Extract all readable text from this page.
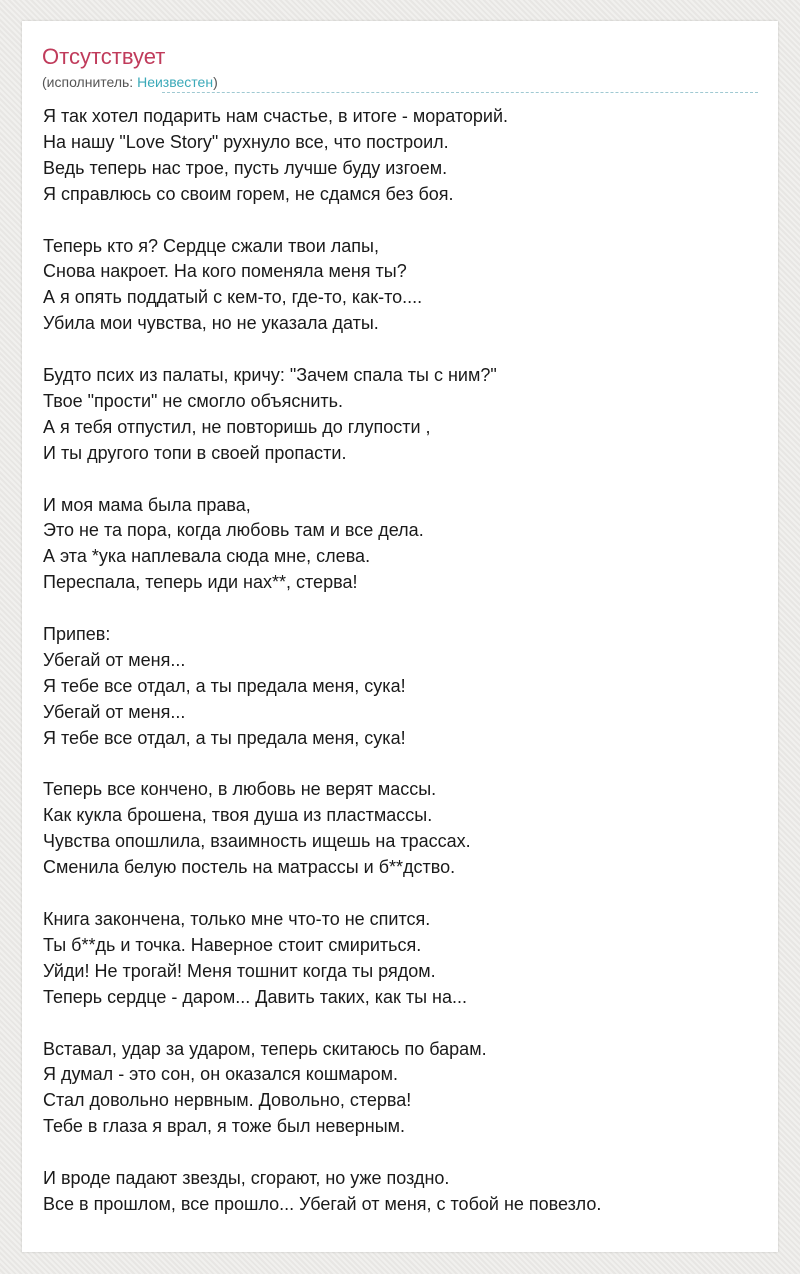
Отсутствует
(исполнитель: Неизвестен)
Я так хотел подарить нам счастье, в итоге - мораторий.
На нашу "Love Story" рухнуло все, что построил.
Ведь теперь нас трое, пусть лучше буду изгоем.
Я справлюсь со своим горем, не сдамся без боя.
Теперь кто я? Сердце сжали твои лапы,
Снова накроет. На кого поменяла меня ты?
А я опять поддатый с кем-то, где-то, как-то....
Убила мои чувства, но не указала даты.
Будто псих из палаты, кричу: "Зачем спала ты с ним?"
Твое "прости" не смогло объяснить.
А я тебя отпустил, не повторишь до глупости ,
И ты другого топи в своей пропасти.
И моя мама была права,
Это не та пора, когда любовь там и все дела.
А эта *ука наплевала сюда мне, слева.
Переспала, теперь иди нах**, стерва!
Припев:
Убегай от меня...
Я тебе все отдал, а ты предала меня, сука!
Убегай от меня...
Я тебе все отдал, а ты предала меня, сука!
Теперь все кончено, в любовь не верят массы.
Как кукла брошена, твоя душа из пластмассы.
Чувства опошлила, взаимность ищешь на трассах.
Сменила белую постель на матрассы и б**дство.
Книга закончена, только мне что-то не спится.
Ты б**дь и точка. Наверное стоит смириться.
Уйди! Не трогай! Меня тошнит когда ты рядом.
Теперь сердце - даром... Давить таких, как ты на...
Вставал, удар за ударом, теперь скитаюсь по барам.
Я думал - это сон, он оказался кошмаром.
Стал довольно нервным. Довольно, стерва!
Тебе в глаза я врал, я тоже был неверным.
И вроде падают звезды, сгорают, но уже поздно.
Все в прошлом, все прошло... Убегай от меня, с тобой не повезло.
